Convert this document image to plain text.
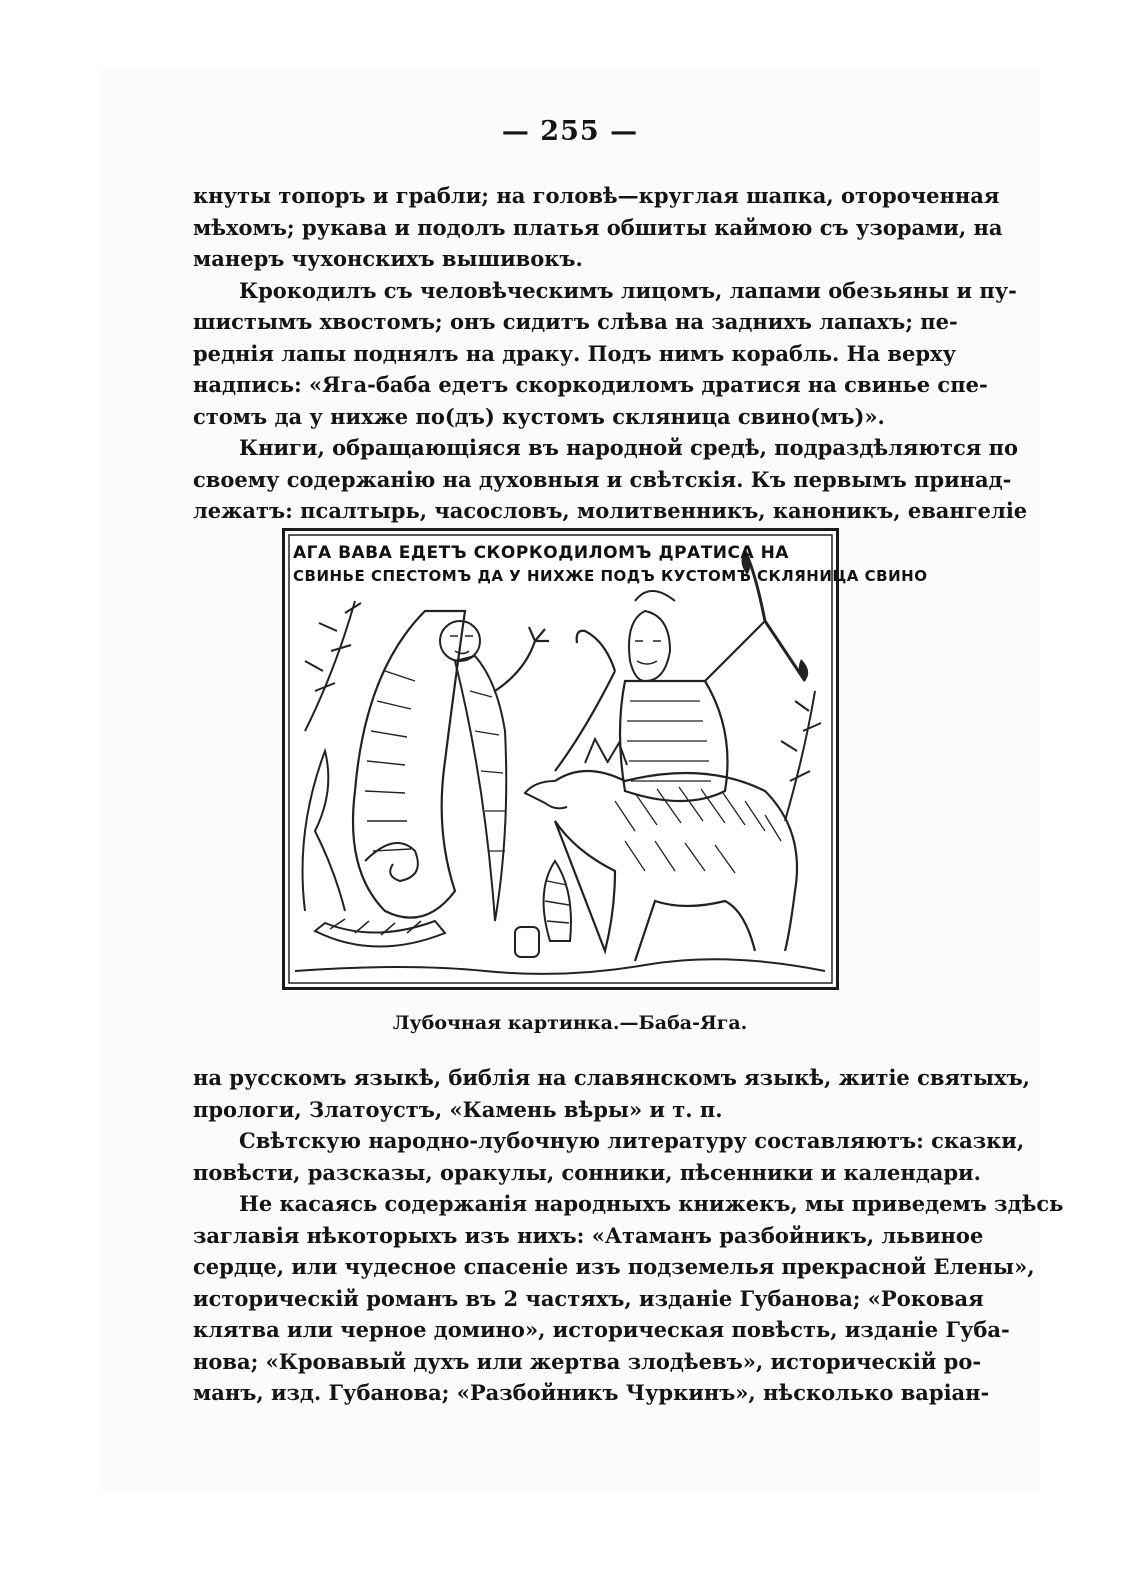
— 255 —
кнуты топоръ и грабли; на головѣ—круглая шапка, отороченная
мѣхомъ; рукава и подолъ платья обшиты каймою съ узорами, на
манеръ чухонскихъ вышивокъ.
Крокодилъ съ человѣческимъ лицомъ, лапами обезьяны и пу-
шистымъ хвостомъ; онъ сидитъ слѣва на заднихъ лапахъ; пе-
реднія лапы поднялъ на драку. Подъ нимъ корабль. На верху
надпись: «Яга-баба едетъ скоркодиломъ дратися на свинье спе-
стомъ да у нихже по(дъ) кустомъ скляница свино(мъ)».
Книги, обращающіяся въ народной средѣ, подраздѣляются по
своему содержанію на духовныя и свѣтскія. Къ первымъ принад-
лежатъ: псалтырь, часословъ, молитвенникъ, каноникъ, евангеліе
АГА ВАВА ЕДЕТЪ СКОРКОДИЛОМЪ ДРАТИСА НА
СВИНЬЕ СПЕСТОМЪ ДА У НИХЖЕ ПОДЪ КУСТОМЪ СКЛЯНИЦА СВИНО
Лубочная картинка.—Баба-Яга.
на русскомъ языкѣ, библія на славянскомъ языкѣ, житіе святыхъ,
прологи, Златоустъ, «Камень вѣры» и т. п.
Свѣтскую народно-лубочную литературу составляютъ: сказки,
повѣсти, разсказы, оракулы, сонники, пѣсенники и календари.
Не касаясь содержанія народныхъ книжекъ, мы приведемъ здѣсь
заглавія нѣкоторыхъ изъ нихъ: «Атаманъ разбойникъ, львиное
сердце, или чудесное спасеніе изъ подземелья прекрасной Елены»,
историческій романъ въ 2 частяхъ, изданіе Губанова; «Роковая
клятва или черное домино», историческая повѣсть, изданіе Губа-
нова; «Кровавый духъ или жертва злодѣевъ», историческій ро-
манъ, изд. Губанова; «Разбойникъ Чуркинъ», нѣсколько варіан-
